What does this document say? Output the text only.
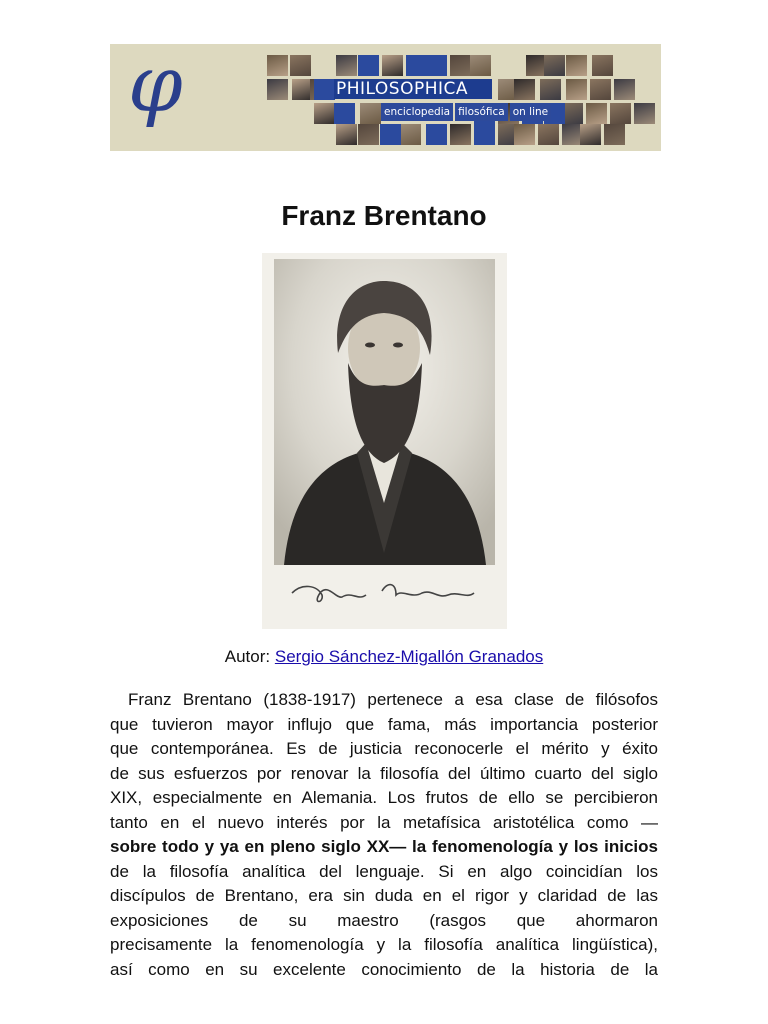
φ	PHILOSOPHICA
enciclopedia filosófica on line
Franz Brentano
Autor: Sergio Sánchez-Migallón Granados
Franz Brentano (1838-1917) pertenece a esa clase de filósofos
que tuvieron mayor influjo que fama, más importancia posterior
que contemporánea. Es de justicia reconocerle el mérito y éxito
de sus esfuerzos por renovar la filosofía del último cuarto del siglo
XIX, especialmente en Alemania. Los frutos de ello se percibieron
tanto en el nuevo interés por la metafísica aristotélica como —
sobre todo y ya en pleno siglo XX— la fenomenología y los inicios
de la filosofía analítica del lenguaje. Si en algo coincidían los
discípulos de Brentano, era sin duda en el rigor y claridad de las
exposiciones de su maestro (rasgos que ahormaron
precisamente la fenomenología y la filosofía analítica lingüística),
así como en su excelente conocimiento de la historia de la
